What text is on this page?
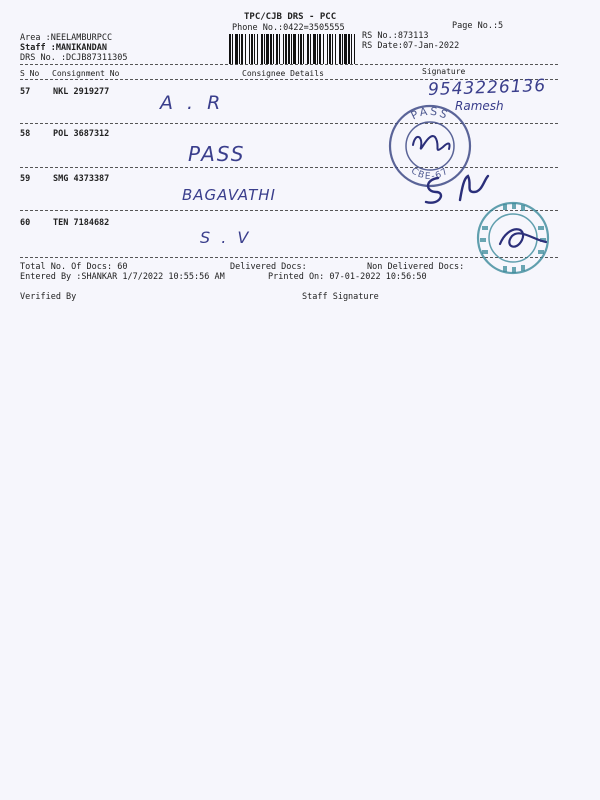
TPC/CJB DRS - PCC
Phone No.:0422=3505555	Page No.:5
Area :NEELAMBURPCC
Staff :MANIKANDAN
DRS No. :DCJB87311305
RS No.:873113
RS Date:07-Jan-2022
S No Consignment No	Consignee Details	Signature
57	NKL 2919277	A . R
58	POL 3687312
PASS
59	SMG 4373387
BAGAVATHI
60	TEN 7184682
S . V
9543226136
Ramesh
PASS
CBE-67
Total No. Of Docs: 60	Delivered Docs:	Non Delivered Docs:
Entered By :SHANKAR 1/7/2022 10:55:56 AM	Printed On: 07-01-2022 10:56:50
Verified By	Staff Signature
